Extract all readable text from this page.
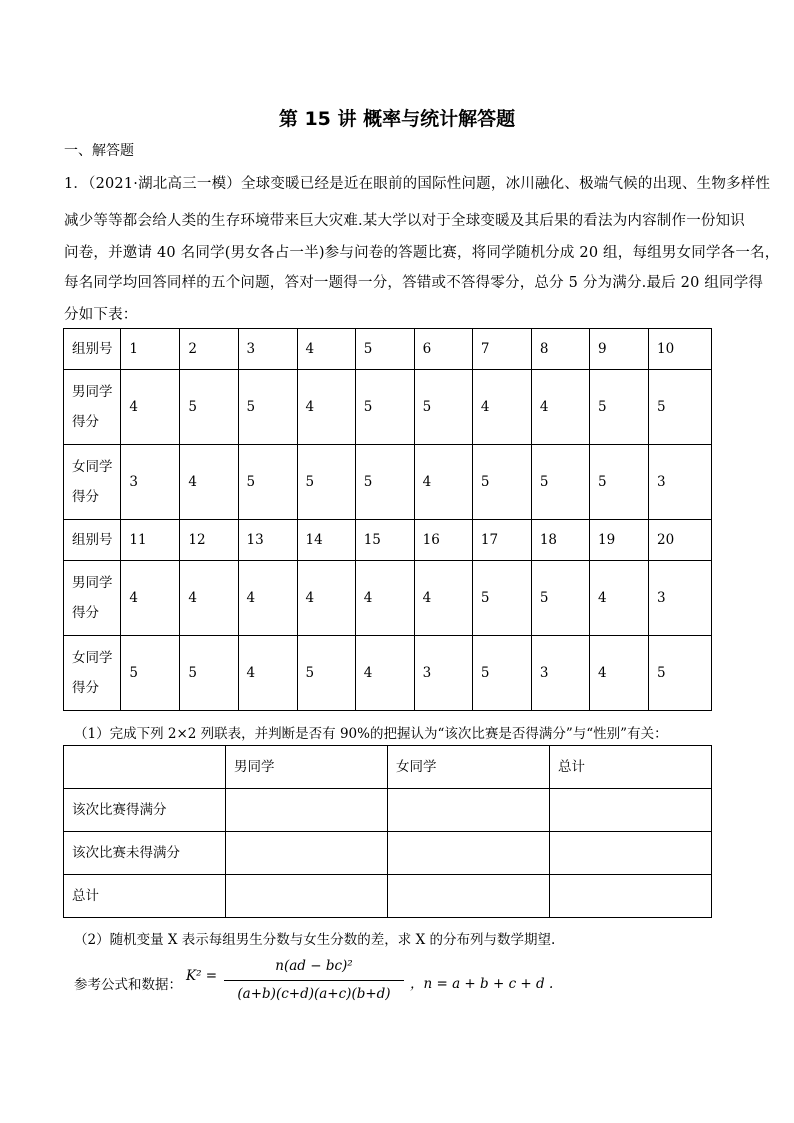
第 15 讲 概率与统计解答题
一、解答题
1．（2021·湖北高三一模）全球变暖已经是近在眼前的国际性问题，冰川融化、极端气候的出现、生物多样性
减少等等都会给人类的生存环境带来巨大灾难.某大学以对于全球变暖及其后果的看法为内容制作一份知识
问卷，并邀请 40 名同学(男女各占一半)参与问卷的答题比赛，将同学随机分成 20 组，每组男女同学各一名，
每名同学均回答同样的五个问题，答对一题得一分，答错或不答得零分，总分 5 分为满分.最后 20 组同学得
分如下表：
组别号	1	2	3	4	5	6	7	8	9	10

男同学
得分	4	5	5	4	5	5	4	4	5	5

女同学
得分	3	4	5	5	5	4	5	5	5	3
组别号	11	12	13	14	15	16	17	18	19	20

男同学
得分	4	4	4	4	4	4	5	5	4	3

女同学
得分	5	5	4	5	4	3	5	3	4	5
（1）完成下列 2×2 列联表，并判断是否有 90%的把握认为“该次比赛是否得满分”与“性别”有关：
	男同学	女同学	总计
该次比赛得满分			
该次比赛未得满分			
总计			
（2）随机变量 X 表示每组男生分数与女生分数的差，求 X 的分布列与数学期望.
参考公式和数据：
K² =
n(ad − bc)²
(a+b)(c+d)(a+c)(b+d)
，n = a + b + c + d .
